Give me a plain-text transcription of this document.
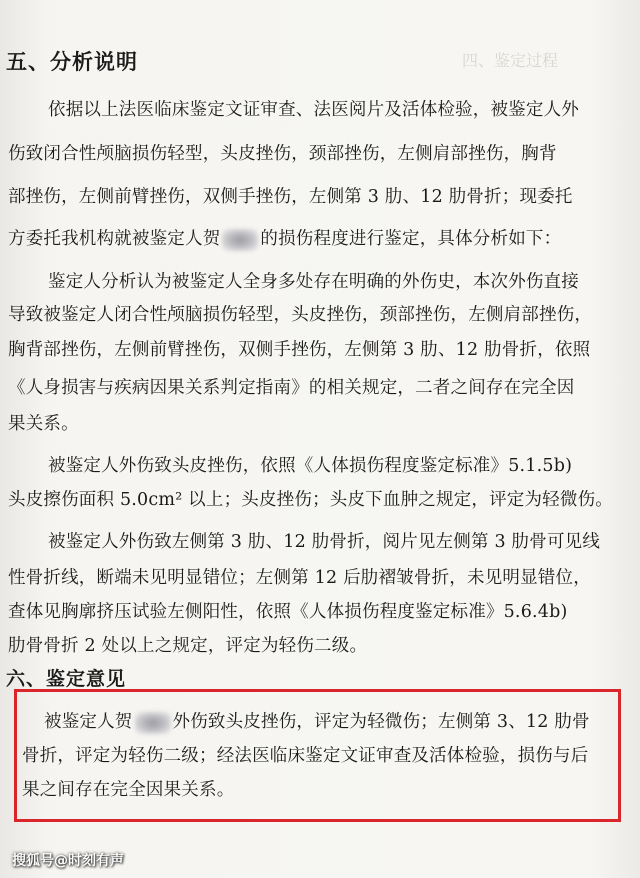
四、鉴定过程
五、分析说明
依据以上法医临床鉴定文证审查、法医阅片及活体检验，被鉴定人外
伤致闭合性颅脑损伤轻型，头皮挫伤，颈部挫伤，左侧肩部挫伤，胸背
部挫伤，左侧前臂挫伤，双侧手挫伤，左侧第 3 肋、12 肋骨折；现委托
方委托我机构就被鉴定人贺 的损伤程度进行鉴定，具体分析如下：
鉴定人分析认为被鉴定人全身多处存在明确的外伤史，本次外伤直接
导致被鉴定人闭合性颅脑损伤轻型，头皮挫伤，颈部挫伤，左侧肩部挫伤，
胸背部挫伤，左侧前臂挫伤，双侧手挫伤，左侧第 3 肋、12 肋骨折，依照
《人身损害与疾病因果关系判定指南》的相关规定，二者之间存在完全因
果关系。
被鉴定人外伤致头皮挫伤，依照《人体损伤程度鉴定标准》5.1.5b)
头皮擦伤面积 5.0cm² 以上；头皮挫伤；头皮下血肿之规定，评定为轻微伤。
被鉴定人外伤致左侧第 3 肋、12 肋骨折，阅片见左侧第 3 肋骨可见线
性骨折线，断端未见明显错位；左侧第 12 后肋褶皱骨折，未见明显错位，
查体见胸廓挤压试验左侧阳性，依照《人体损伤程度鉴定标准》5.6.4b)
肋骨骨折 2 处以上之规定，评定为轻伤二级。
六、鉴定意见
被鉴定人贺 外伤致头皮挫伤，评定为轻微伤；左侧第 3、12 肋骨
骨折，评定为轻伤二级；经法医临床鉴定文证审查及活体检验，损伤与后
果之间存在完全因果关系。
搜狐号@时刻有声
